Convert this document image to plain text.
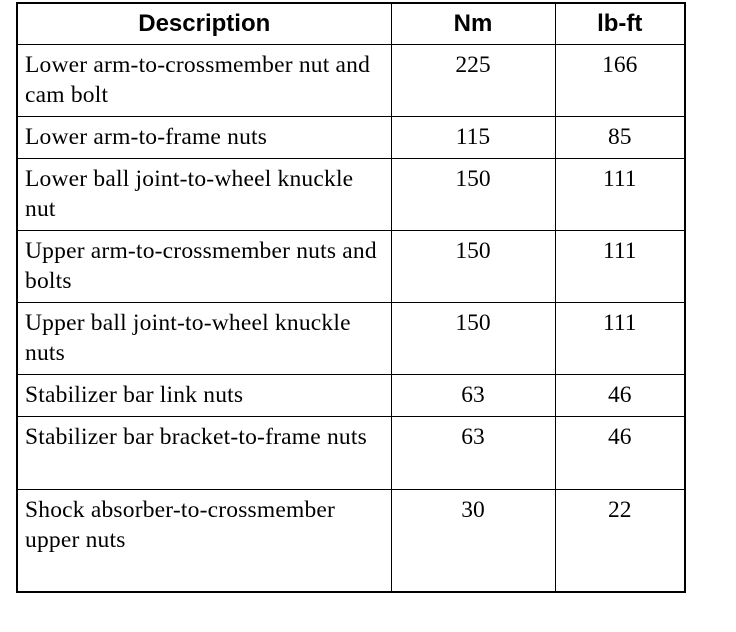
Description	Nm	lb-ft
Lower arm-to-crossmember nut and cam bolt	225	166
Lower arm-to-frame nuts	115	85
Lower ball joint-to-wheel knuckle nut	150	111
Upper arm-to-crossmember nuts and bolts	150	111
Upper ball joint-to-wheel knuckle nuts	150	111
Stabilizer bar link nuts	63	46
Stabilizer bar bracket-to-frame nuts	63	46
Shock absorber-to-crossmember upper nuts	30	22
